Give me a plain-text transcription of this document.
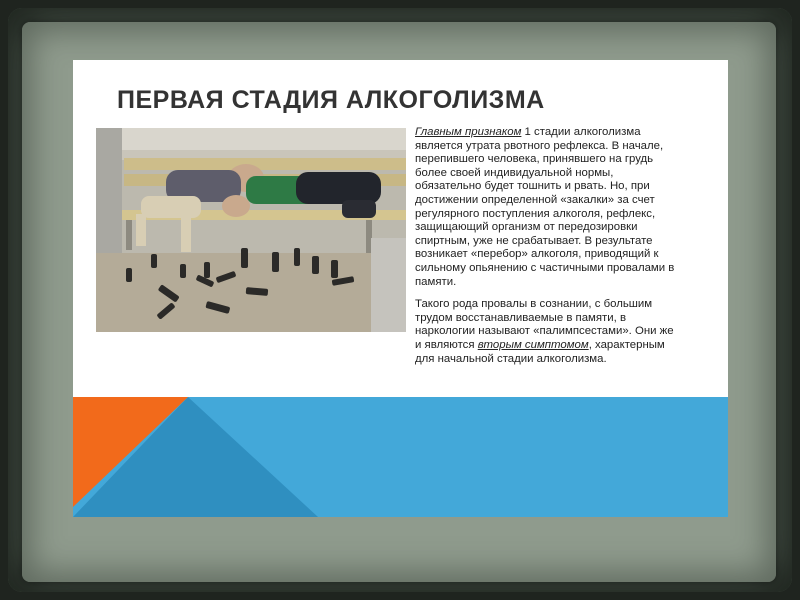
ПЕРВАЯ СТАДИЯ АЛКОГОЛИЗМА

Главным признаком 1 стадии алкоголизма является утрата рвотного рефлекса. В начале, перепившего человека, принявшего на грудь более своей индивидуальной нормы, обязательно будет тошнить и рвать. Но, при достижении определенной «закалки» за счет регулярного поступления алкоголя, рефлекс, защищающий организм от передозировки спиртным, уже не срабатывает. В результате возникает «перебор» алкоголя, приводящий к сильному опьянению с частичными провалами в памяти.

Такого рода провалы в сознании, с большим трудом восстанавливаемые в памяти, в наркологии называют «палимпсестами». Они же и являются вторым симптомом, характерным для начальной стадии алкоголизма.
